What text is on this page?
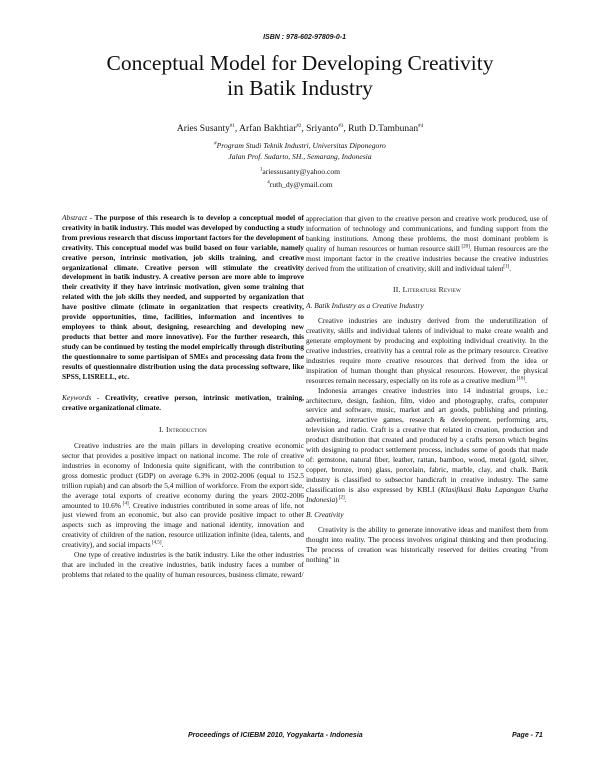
ISBN : 978-602-97809-0-1
Conceptual Model for Developing Creativity
in Batik Industry
Aries Susanty$^{\#1}$, Arfan Bakhtiar$^{\#2}$, Sriyanto$^{\#3}$, Ruth D.Tambunan$^{\#4}$
#Program Studi Teknik Industri, Universitas Diponegoro
Jalan Prof. Sudarto, SH., Semarang, Indonesia
$^1$ariessusanty@yahoo.com
$^4$ruth_dy@ymail.com

Abstract - The purpose of this research is to develop a conceptual model of creativity in batik industry. This model was developed by conducting a study from previous research that discuss important factors for the development of creativity. This conceptual model was build based on four variable, namely creative person, intrinsic motivation, job skills training, and creative organizational climate. Creative person will stimulate the creativity development in batik industry. A creative person are more able to improve their creativity if they have intrinsic motivation, given some training that related with the job skills they needed, and supported by organization that have positive climate (climate in organization that respects creativity, provide opportunities, time, facilities, information and incentives to employees to think about, designing, researching and developing new products that better and more innovative). For the further research, this study can be continued by testing the model empirically through distributing the questionnaire to some partisipan of SMEs and processing data from the results of questionnaire distribution using the data processing software, like SPSS, LISRELL, etc.

Keywords - Creativity, creative person, intrinsic motivation, training, creative organizational climate.

I. Introduction

Creative industries are the main pillars in developing creative economic sector that provides a positive impact on national income. The role of creative industries in economy of Indonesia quite significant, with the contribution to gross domestic product (GDP) on average 6.3% in 2002-2006 (equal to 152.5 trillion rupiah) and can absorb the 5,4 million of workforce. From the export side, the average total exports of creative economy during the years 2002-2006 amounted to 10.6% [4]. Creative industries contributed in some areas of life, not just viewed from an economic, but also can provide positive impact to other aspects such as improving the image and national identity, innovation and creativity of children of the nation, resource utilization infinite (idea, talents, and creativity), and social impacts [4,5].

One type of creative industries is the batik industry. Like the other industries that are included in the creative industries, batik industry faces a number of problems that related to the quality of human resources, business climate, reward/

appreciation that given to the creative person and creative work produced, use of information of technology and communications, and funding support from the banking institutions. Among these problems, the most dominant problem is quality of human resources or human resource skill [20]. Human resources are the most important factor in the creative industries because the creative industries derived from the utilization of creativity, skill and individual talent[1].

II. Literature Review
A. Batik Industry as a Creative Industry

Creative industries are industry derived from the underutilization of creativity, skills and individual talents of individual to make create wealth and generate employment by producing and exploiting individual creativity. In the creative industries, creativity has a central role as the primary resource. Creative industries require more creative resources that derived from the idea or inspiration of human thought than physical resources. However, the physical resources remain necessary, especially on its role as a creative medium [16].

Indonesia arranges creative industries into 14 industrial groups, i.e.: architecture, design, fashion, film, video and photography, crafts, computer service and software, music, market and art goods, publishing and printing, advertising, interactive games, research & development, performing arts, television and radio. Craft is a creative that related in creation, production and product distribution that created and produced by a crafts person which begins with designing to product settlement process, includes some of goods that made of: gemstone, natural fiber, leather, rattan, bamboo, wood, metal (gold, silver, copper, bronze, iron) glass, porcelain, fabric, marble, clay, and chalk. Batik industry is classified to subsector handicraft in creative industry. The same classification is also expressed by KBLI (Klasifikasi Baku Lapangan Usaha Indonesia) [2].

B. Creativity

Creativity is the ability to generate innovative ideas and manifest them from thought into reality. The process involves original thinking and then producing. The process of creation was historically reserved for deities creating "from nothing" in

Proceedings of ICIEBM 2010, Yogyakarta - Indonesia	Page - 71
